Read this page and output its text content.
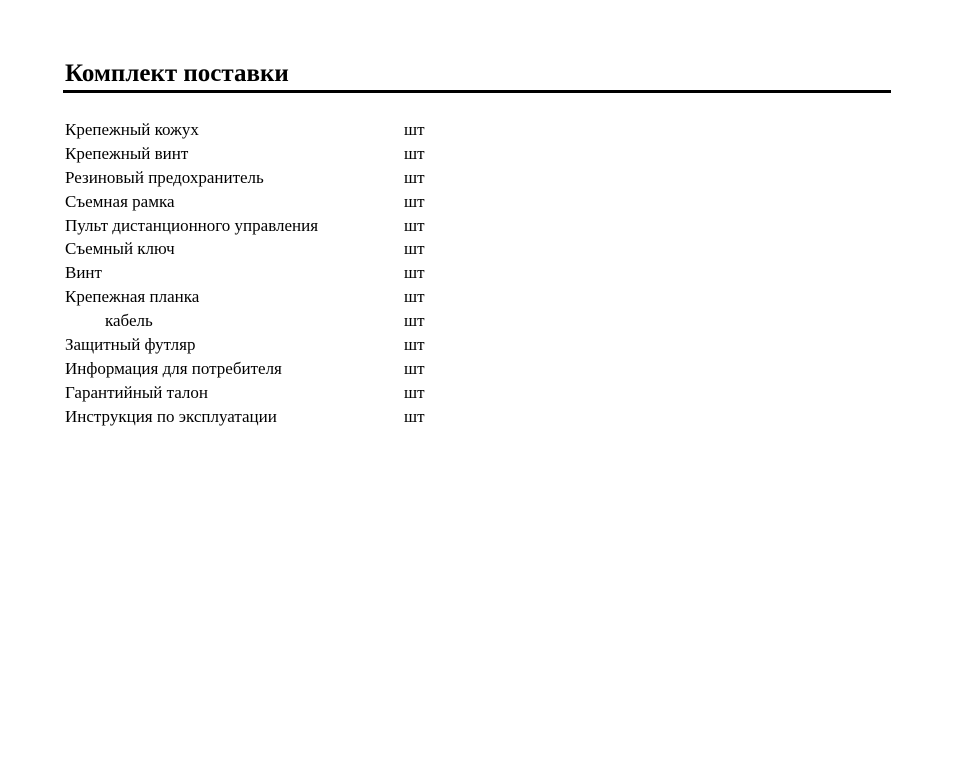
Комплект поставки
Крепежный кожух	шт
Крепежный винт	шт
Резиновый предохранитель	шт
Съемная рамка	шт
Пульт дистанционного управления	шт
Съемный ключ	шт
Винт	шт
Крепежная планка	шт
кабель	шт
Защитный футляр	шт
Информация для потребителя	шт
Гарантийный талон	шт
Инструкция по эксплуатации	шт
